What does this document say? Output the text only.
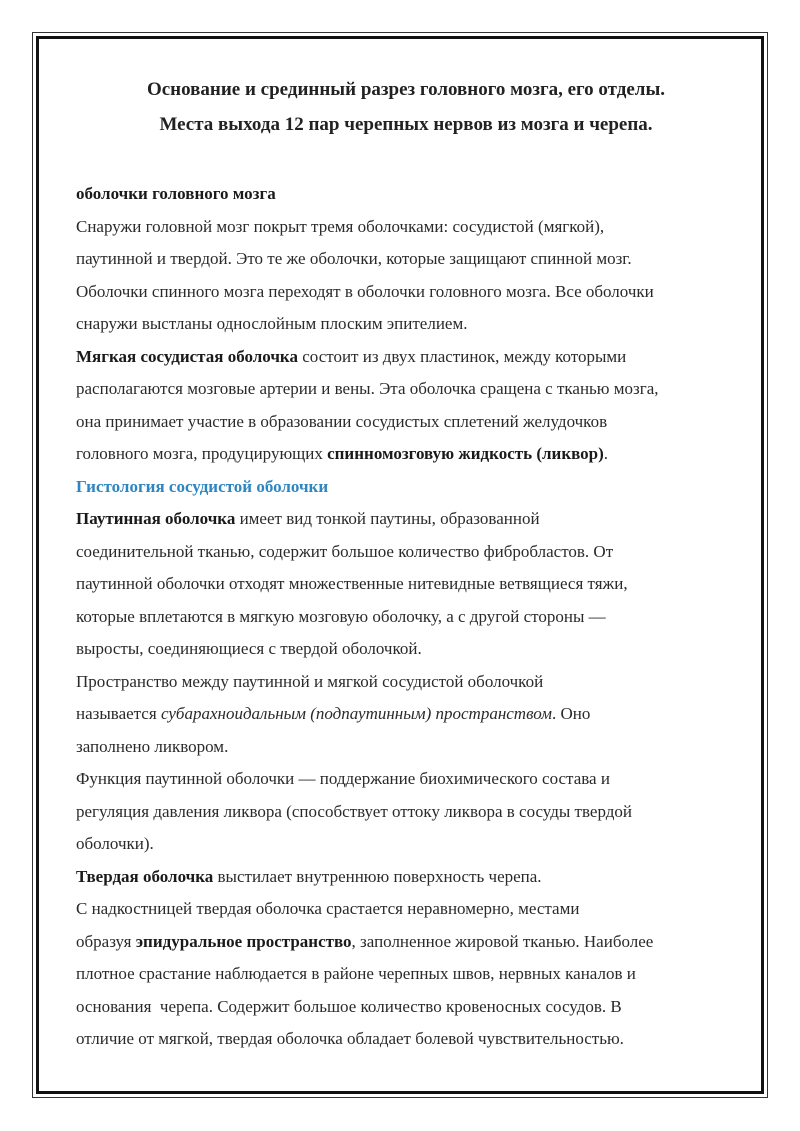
Основание и срединный разрез головного мозга, его отделы.
Места выхода 12 пар черепных нервов из мозга и черепа.

оболочки головного мозга

Снаружи головной мозг покрыт тремя оболочками: сосудистой (мягкой),
паутинной и твердой. Это те же оболочки, которые защищают спинной мозг.
Оболочки спинного мозга переходят в оболочки головного мозга. Все оболочки
снаружи выстланы однослойным плоским эпителием.

Мягкая сосудистая оболочка состоит из двух пластинок, между которыми
располагаются мозговые артерии и вены. Эта оболочка сращена с тканью мозга,
она принимает участие в образовании сосудистых сплетений желудочков
головного мозга, продуцирующих спинномозговую жидкость (ликвор).

Гистология сосудистой оболочки

Паутинная оболочка имеет вид тонкой паутины, образованной
соединительной тканью, содержит большое количество фибробластов. От
паутинной оболочки отходят множественные нитевидные ветвящиеся тяжи,
которые вплетаются в мягкую мозговую оболочку, а с другой стороны —
выросты, соединяющиеся с твердой оболочкой.

Пространство между паутинной и мягкой сосудистой оболочкой
называется субарахноидальным (подпаутинным) пространством. Оно
заполнено ликвором.

Функция паутинной оболочки — поддержание биохимического состава и
регуляция давления ликвора (способствует оттоку ликвора в сосуды твердой
оболочки).

Твердая оболочка выстилает внутреннюю поверхность черепа.

С надкостницей твердая оболочка срастается неравномерно, местами
образуя эпидуральное пространство, заполненное жировой тканью. Наиболее
плотное срастание наблюдается в районе черепных швов, нервных каналов и
основания  черепа. Содержит большое количество кровеносных сосудов. В
отличие от мягкой, твердая оболочка обладает болевой чувствительностью.
